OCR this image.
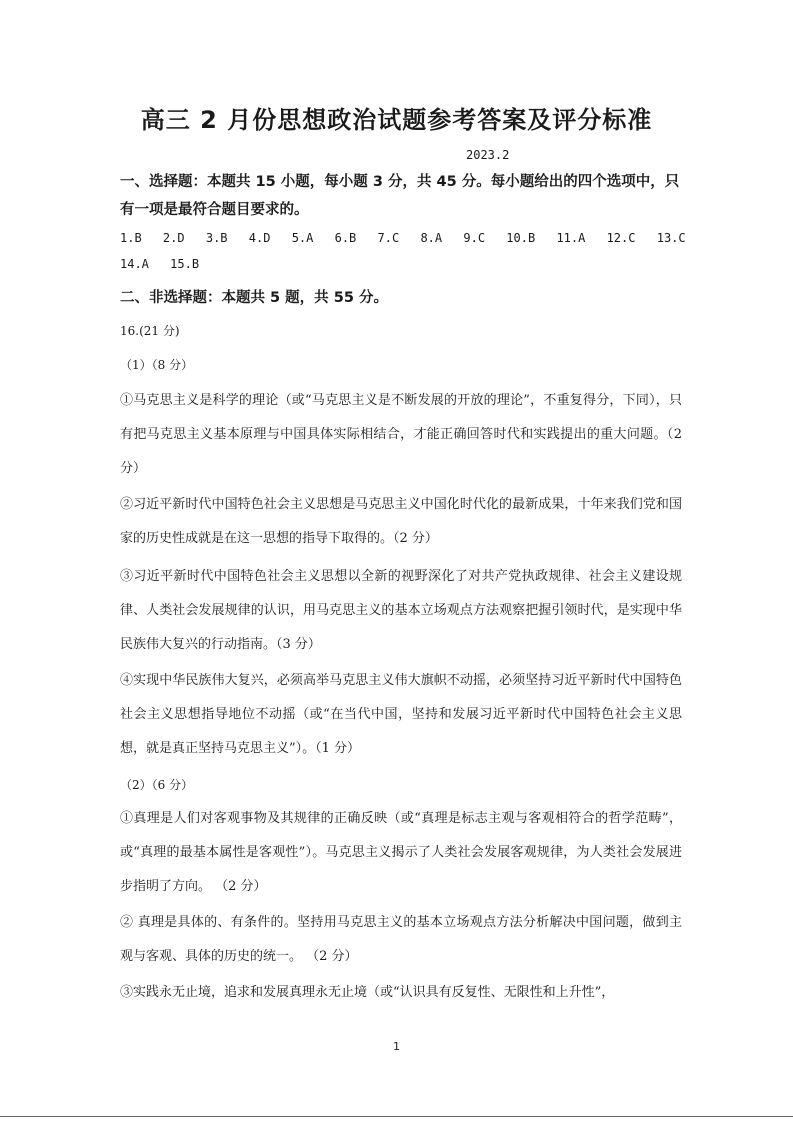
高三 2 月份思想政治试题参考答案及评分标准
2023.2

一、选择题：本题共 15 小题，每小题 3 分，共 45 分。每小题给出的四个选项中，只有一项是最符合题目要求的。

1.B 2.D 3.B 4.D 5.A 6.B 7.C 8.A 9.C 10.B 11.A 12.C 13.C 14.A 15.B

二、非选择题：本题共 5 题，共 55 分。

16.(21 分)

（1）（8 分）

①马克思主义是科学的理论（或“马克思主义是不断发展的开放的理论”，不重复得分，下同），只有把马克思主义基本原理与中国具体实际相结合，才能正确回答时代和实践提出的重大问题。（2 分）

②习近平新时代中国特色社会主义思想是马克思主义中国化时代化的最新成果，十年来我们党和国家的历史性成就是在这一思想的指导下取得的。（2 分）

③习近平新时代中国特色社会主义思想以全新的视野深化了对共产党执政规律、社会主义建设规律、人类社会发展规律的认识，用马克思主义的基本立场观点方法观察把握引领时代，是实现中华民族伟大复兴的行动指南。（3 分）

④实现中华民族伟大复兴，必须高举马克思主义伟大旗帜不动摇，必须坚持习近平新时代中国特色社会主义思想指导地位不动摇（或“在当代中国，坚持和发展习近平新时代中国特色社会主义思想，就是真正坚持马克思主义”）。（1 分）

（2）（6 分）

①真理是人们对客观事物及其规律的正确反映（或“真理是标志主观与客观相符合的哲学范畴”，或“真理的最基本属性是客观性”）。马克思主义揭示了人类社会发展客观规律，为人类社会发展进步指明了方向。 （2 分）

② 真理是具体的、有条件的。坚持用马克思主义的基本立场观点方法分析解决中国问题，做到主观与客观、具体的历史的统一。 （2 分）

③实践永无止境，追求和发展真理永无止境（或“认识具有反复性、无限性和上升性”，

1
